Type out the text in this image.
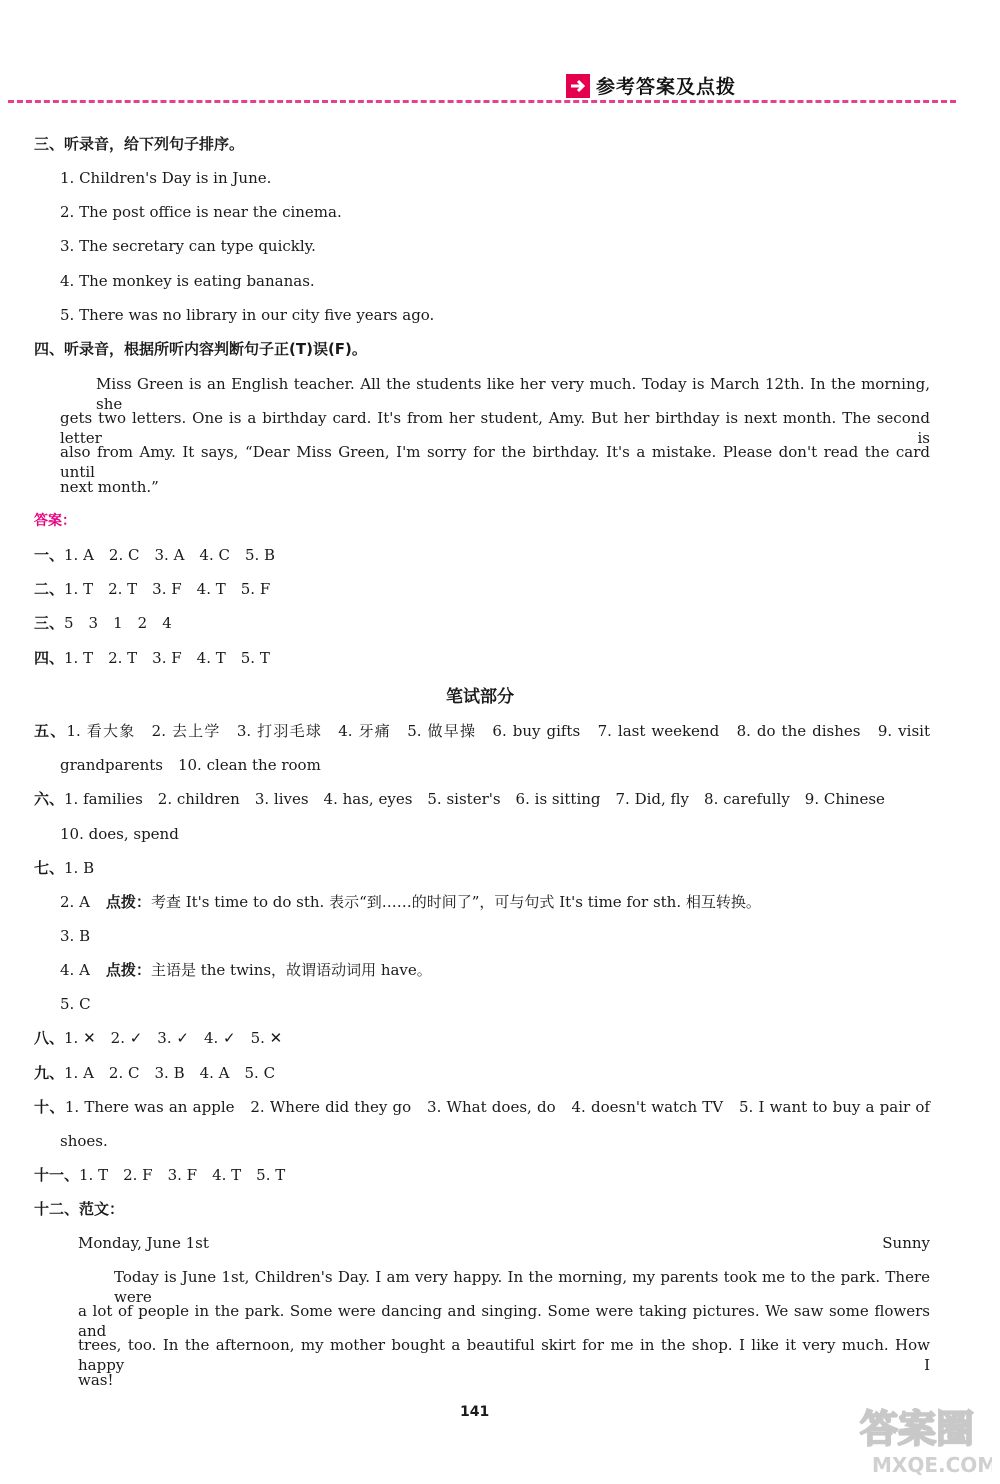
参考答案及点拨
三、听录音，给下列句子排序。
1. Children's Day is in June.
2. The post office is near the cinema.
3. The secretary can type quickly.
4. The monkey is eating bananas.
5. There was no library in our city five years ago.
四、听录音，根据所听内容判断句子正(T)误(F)。
Miss Green is an English teacher. All the students like her very much. Today is March 12th. In the morning, she
gets two letters. One is a birthday card. It's from her student, Amy. But her birthday is next month. The second letter is
also from Amy. It says, “Dear Miss Green, I'm sorry for the birthday. It's a mistake. Please don't read the card until
next month.”
答案：
一、1. A　2. C　3. A　4. C　5. B
二、1. T　2. T　3. F　4. T　5. F
三、5　3　1　2　4
四、1. T　2. T　3. F　4. T　5. T
笔试部分
五、1. 看大象　2. 去上学　3. 打羽毛球　4. 牙痛　5. 做早操　6. buy gifts　7. last weekend　8. do the dishes　9. visit
grandparents　10. clean the room
六、1. families　2. children　3. lives　4. has, eyes　5. sister's　6. is sitting　7. Did, fly　8. carefully　9. Chinese
10. does, spend
七、1. B
2. A 点拨：考查 It's time to do sth. 表示“到……的时间了”，可与句式 It's time for sth. 相互转换。
3. B
4. A 点拨：主语是 the twins，故谓语动词用 have。
5. C
八、1. ✕　2. ✓　3. ✓　4. ✓　5. ✕
九、1. A　2. C　3. B　4. A　5. C
十、1. There was an apple　2. Where did they go　3. What does, do　4. doesn't watch TV　5. I want to buy a pair of
shoes.
十一、1. T　2. F　3. F　4. T　5. T
十二、范文：
Monday, June 1st	Sunny
Today is June 1st, Children's Day. I am very happy. In the morning, my parents took me to the park. There were
a lot of people in the park. Some were dancing and singing. Some were taking pictures. We saw some flowers and
trees, too. In the afternoon, my mother bought a beautiful skirt for me in the shop. I like it very much. How happy I
was!
141	答案圈
MXQE.COM
